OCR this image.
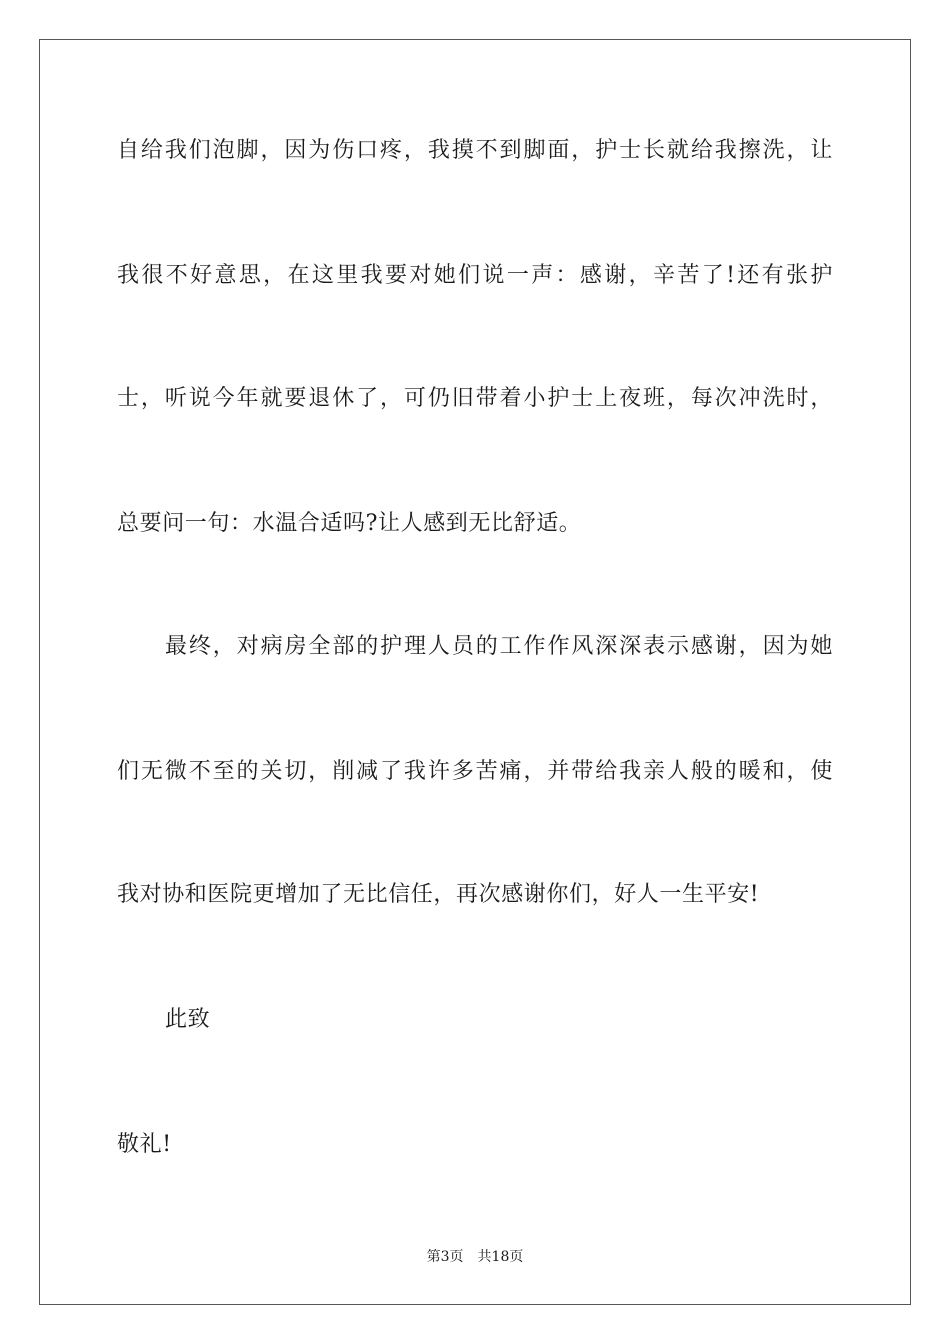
自给我们泡脚，因为伤口疼，我摸不到脚面，护士长就给我擦洗，让
我很不好意思，在这里我要对她们说一声：感谢，辛苦了!还有张护
士，听说今年就要退休了，可仍旧带着小护士上夜班，每次冲洗时，
总要问一句：水温合适吗?让人感到无比舒适。
最终，对病房全部的护理人员的工作作风深深表示感谢，因为她
们无微不至的关切，削减了我许多苦痛，并带给我亲人般的暖和，使
我对协和医院更增加了无比信任，再次感谢你们，好人一生平安!
此致
敬礼!
第3页 共18页
